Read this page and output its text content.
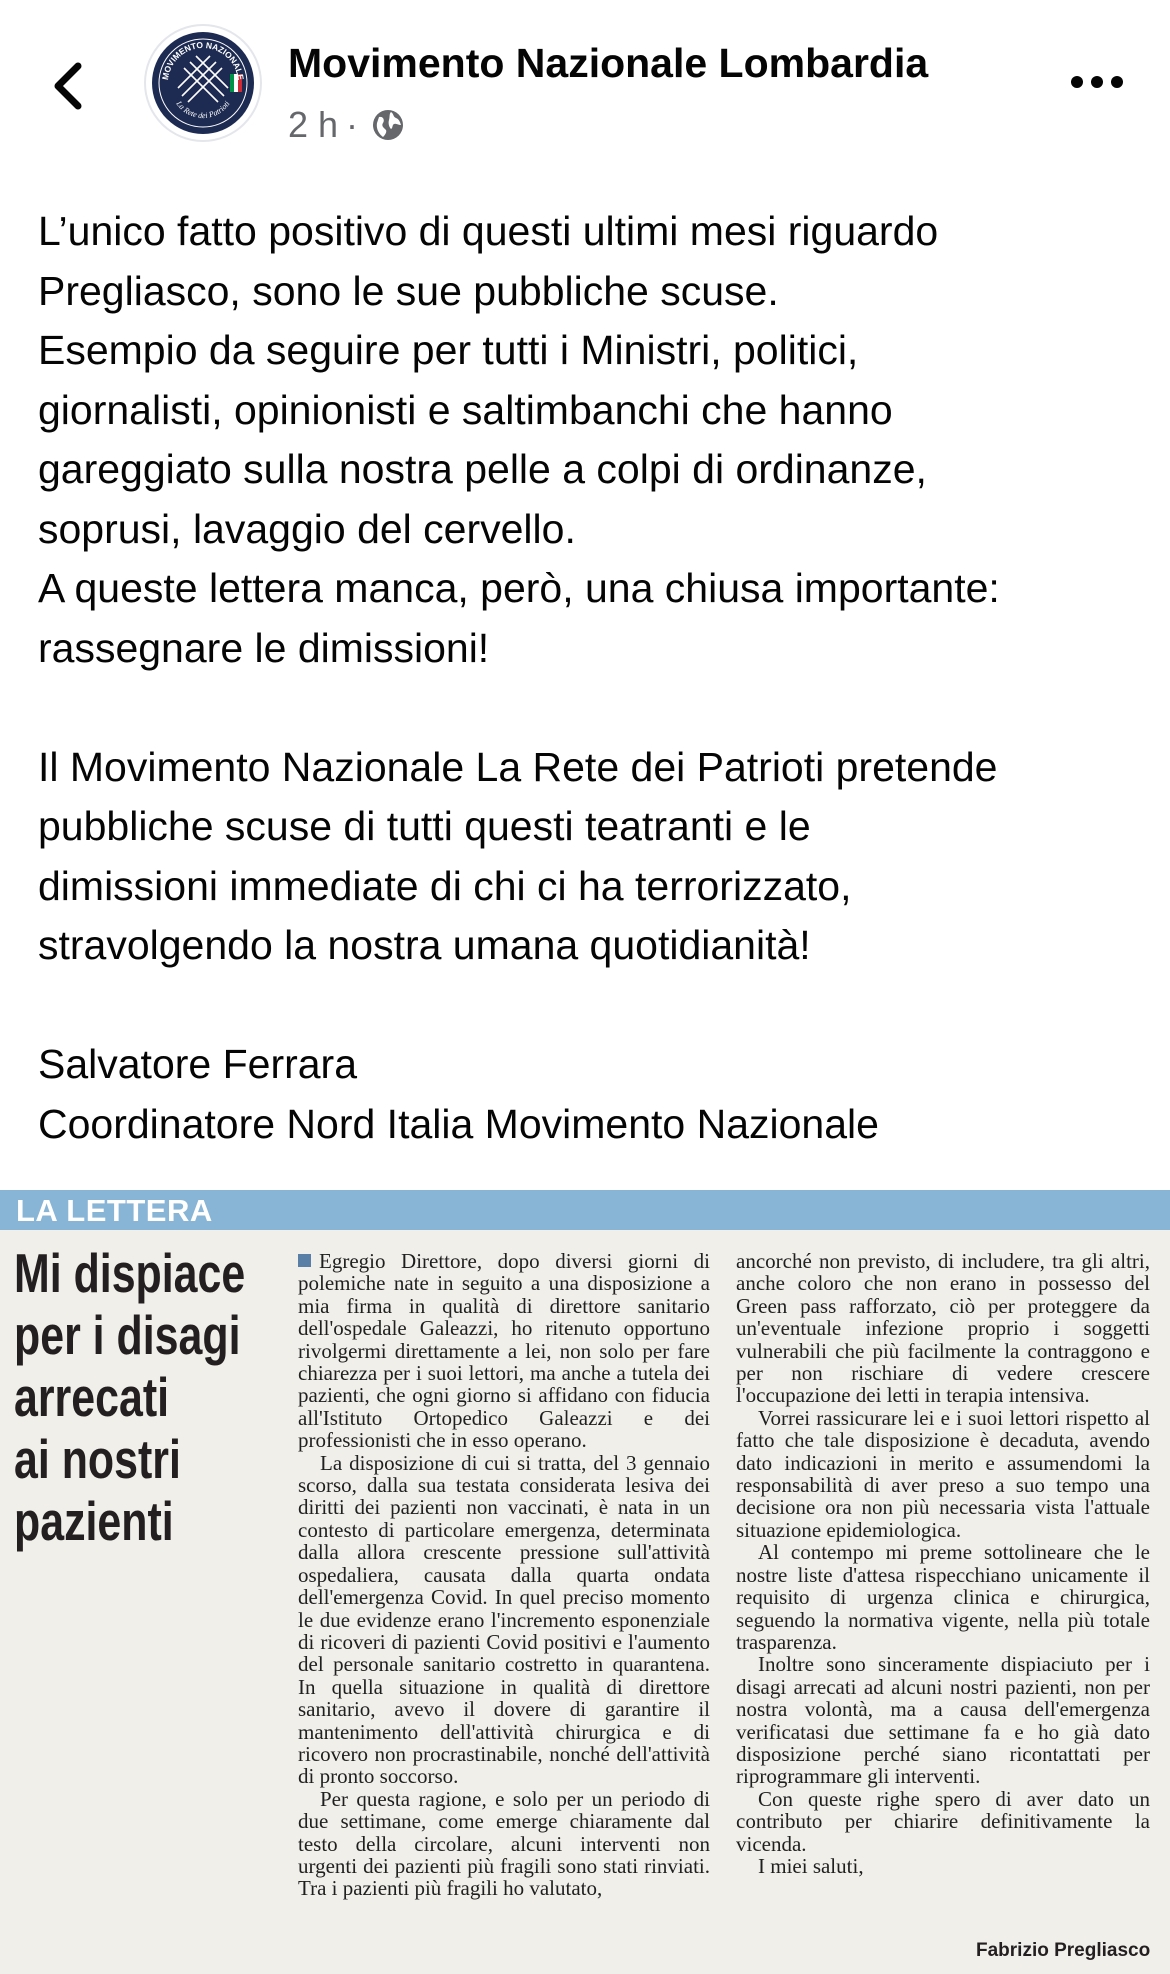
MOVIMENTO NAZIONALE
La Rete dei Patrioti
Movimento Nazionale Lombardia
2 h ·
L’unico fatto positivo di questi ultimi mesi riguardo
Pregliasco, sono le sue pubbliche scuse.
Esempio da seguire per tutti i Ministri, politici,
giornalisti, opinionisti e saltimbanchi che hanno
gareggiato sulla nostra pelle a colpi di ordinanze,
soprusi, lavaggio del cervello.
A queste lettera manca, però, una chiusa importante:
rassegnare le dimissioni!
Il Movimento Nazionale La Rete dei Patrioti pretende
pubbliche scuse di tutti questi teatranti e le
dimissioni immediate di chi ci ha terrorizzato,
stravolgendo la nostra umana quotidianità!
Salvatore Ferrara
Coordinatore Nord Italia Movimento Nazionale
LA LETTERA
Mi dispiace
per i disagi
arrecati
ai nostri
pazienti

Egregio Direttore, dopo diversi giorni di polemiche nate in seguito a una disposizione a mia firma in qualità di direttore sanitario dell'ospedale Galeazzi, ho ritenuto opportuno rivolgermi direttamente a lei, non solo per fare chiarezza per i suoi lettori, ma anche a tutela dei pazienti, che ogni giorno si affidano con fiducia all'Istituto Ortopedico Galeazzi e dei professionisti che in esso operano.

La disposizione di cui si tratta, del 3 gennaio scorso, dalla sua testata considerata lesiva dei diritti dei pazienti non vaccinati, è nata in un contesto di particolare emergenza, determinata dalla allora crescente pressione sull'attività ospedaliera, causata dalla quarta ondata dell'emergenza Covid. In quel preciso momento le due evidenze erano l'incremento esponenziale di ricoveri di pazienti Covid positivi e l'aumento del personale sanitario costretto in quarantena. In quella situazione in qualità di direttore sanitario, avevo il dovere di garantire il mantenimento dell'attività chirurgica e di ricovero non procrastinabile, nonché dell'attività di pronto soccorso.

Per questa ragione, e solo per un periodo di due settimane, come emerge chiaramente dal testo della circolare, alcuni interventi non urgenti dei pazienti più fragili sono stati rinviati. Tra i pazienti più fragili ho valutato,

ancorché non previsto, di includere, tra gli altri, anche coloro che non erano in possesso del Green pass rafforzato, ciò per proteggere da un'eventuale infezione proprio i soggetti vulnerabili che più facilmente la contraggono e per non rischiare di vedere crescere l'occupazione dei letti in terapia intensiva.

Vorrei rassicurare lei e i suoi lettori rispetto al fatto che tale disposizione è decaduta, avendo dato indicazioni in merito e assumendomi la responsabilità di aver preso a suo tempo una decisione ora non più necessaria vista l'attuale situazione epidemiologica.

Al contempo mi preme sottolineare che le nostre liste d'attesa rispecchiano unicamente il requisito di urgenza clinica e chirurgica, seguendo la normativa vigente, nella più totale trasparenza.

Inoltre sono sinceramente dispiaciuto per i disagi arrecati ad alcuni nostri pazienti, non per nostra volontà, ma a causa dell'emergenza verificatasi due settimane fa e ho già dato disposizione perché siano ricontattati per riprogrammare gli interventi.

Con queste righe spero di aver dato un contributo per chiarire definitivamente la vicenda.

I miei saluti,

Fabrizio Pregliasco
